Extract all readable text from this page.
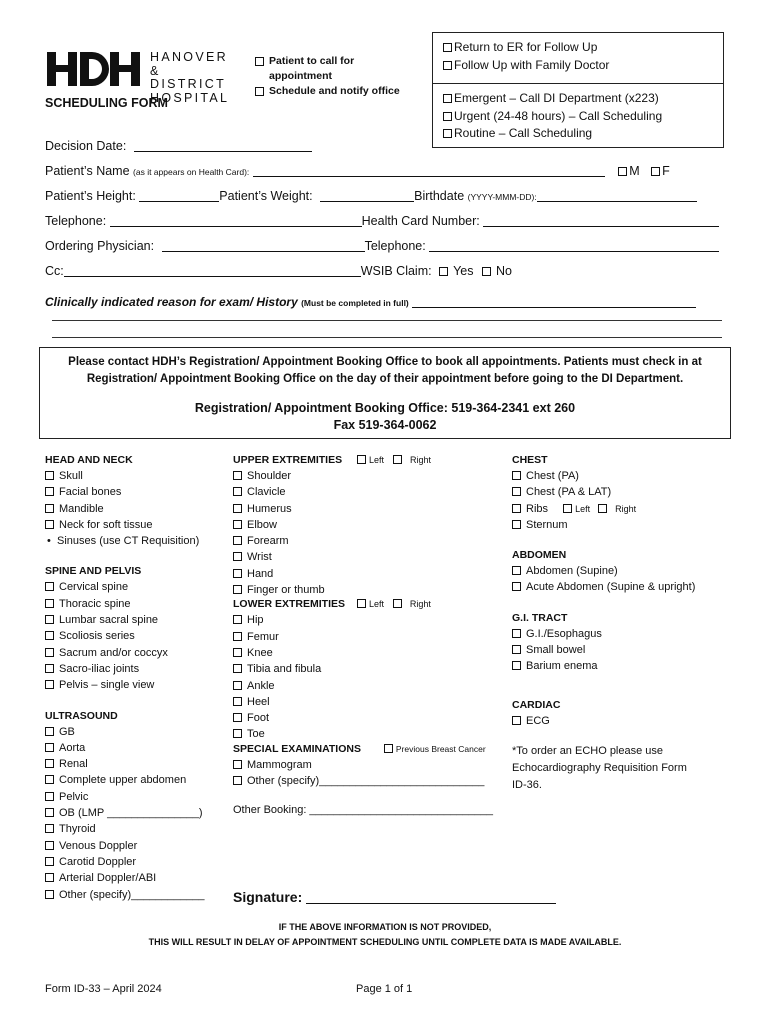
HANOVER &
DISTRICT
HOSPITAL
SCHEDULING FORM
Patient to call for appointment
Schedule and notify office
Return to ER for Follow Up
Follow Up with Family Doctor
Emergent – Call DI Department (x223)
Urgent (24-48 hours) – Call Scheduling
Routine – Call Scheduling
Decision Date:
Patient’s Name (as it appears on Health Card):	M F
Patient’s Height:	Patient’s Weight:	Birthdate (YYYY-MMM-DD):
Telephone:	Health Card Number:
Ordering Physician:	Telephone:
Cc:	WSIB Claim: Yes No
Clinically indicated reason for exam/ History (Must be completed in full)
Please contact HDH’s Registration/ Appointment Booking Office to book all appointments. Patients must check in at
Registration/ Appointment Booking Office on the day of their appointment before going to the DI Department.
Registration/ Appointment Booking Office: 519-364-2341 ext 260
Fax 519-364-0062
HEAD AND NECK
Skull
Facial bones
Mandible
Neck for soft tissue
• Sinuses (use CT Requisition)
SPINE AND PELVIS
Cervical spine
Thoracic spine
Lumbar sacral spine
Scoliosis series
Sacrum and/or coccyx
Sacro-iliac joints
Pelvis – single view
ULTRASOUND
GB
Aorta
Renal
Complete upper abdomen
Pelvic
OB (LMP _______________)
Thyroid
Venous Doppler
Carotid Doppler
Arterial Doppler/ABI
Other (specify)____________
UPPER EXTREMITIES	Left	Right
Shoulder
Clavicle
Humerus
Elbow
Forearm
Wrist
Hand
Finger or thumb
LOWER EXTREMITIES	Left	Right
Hip
Femur
Knee
Tibia and fibula
Ankle
Heel
Foot
Toe
SPECIAL EXAMINATIONS	Previous Breast Cancer
Mammogram
Other (specify)___________________________
Other Booking: ______________________________
Signature:
CHEST
Chest (PA)
Chest (PA & LAT)
Ribs	Left	Right
Sternum
ABDOMEN
Abdomen (Supine)
Acute Abdomen (Supine & upright)
G.I. TRACT
G.I./Esophagus
Small bowel
Barium enema
CARDIAC
ECG
*To order an ECHO please use
Echocardiography Requisition Form
ID-36.
IF THE ABOVE INFORMATION IS NOT PROVIDED,
THIS WILL RESULT IN DELAY OF APPOINTMENT SCHEDULING UNTIL COMPLETE DATA IS MADE AVAILABLE.
Form ID-33 – April 2024	Page 1 of 1
